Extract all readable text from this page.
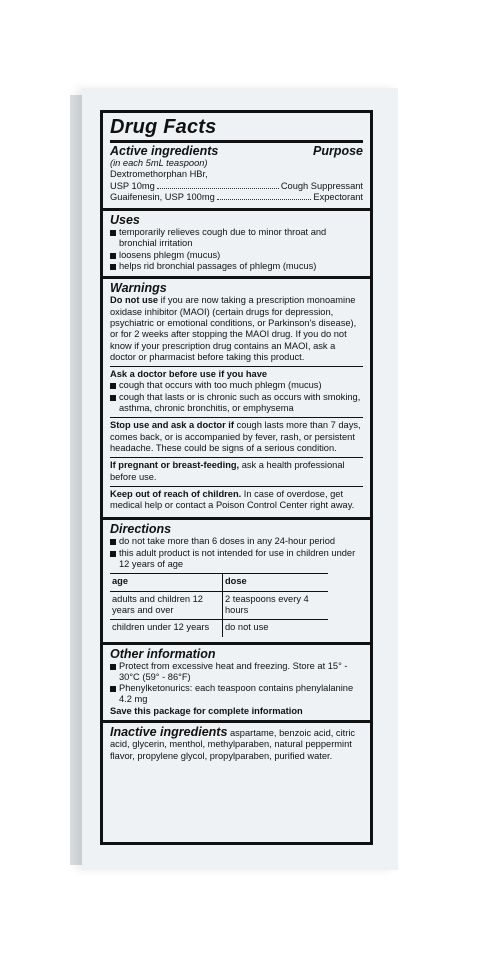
Drug Facts
Active ingredients	Purpose
(in each 5mL teaspoon)
Dextromethorphan HBr,
USP 10mg	Cough Suppressant
Guaifenesin, USP 100mg	Expectorant
Uses
temporarily relieves cough due to minor throat and bronchial irritation
loosens phlegm (mucus)
helps rid bronchial passages of phlegm (mucus)
Warnings
Do not use if you are now taking a prescription monoamine oxidase inhibitor (MAOI) (certain drugs for depression, psychiatric or emotional conditions, or Parkinson's disease), or for 2 weeks after stopping the MAOI drug. If you do not know if your prescription drug contains an MAOI, ask a doctor or pharmacist before taking this product.
Ask a doctor before use if you have
cough that occurs with too much phlegm (mucus)
cough that lasts or is chronic such as occurs with smoking, asthma, chronic bronchitis, or emphysema
Stop use and ask a doctor if cough lasts more than 7 days, comes back, or is accompanied by fever, rash, or persistent headache. These could be signs of a serious condition.
If pregnant or breast-feeding, ask a health professional before use.
Keep out of reach of children. In case of overdose, get medical help or contact a Poison Control Center right away.
Directions
do not take more than 6 doses in any 24-hour period
this adult product is not intended for use in children under 12 years of age
age	dose
adults and children 12 years and over	2 teaspoons every 4 hours
children under 12 years	do not use
Other information
Protect from excessive heat and freezing. Store at 15° - 30°C (59° - 86°F)
Phenylketonurics: each teaspoon contains phenylalanine 4.2 mg
Save this package for complete information
Inactive ingredients aspartame, benzoic acid, citric acid, glycerin, menthol, methylparaben, natural peppermint flavor, propylene glycol, propylparaben, purified water.
